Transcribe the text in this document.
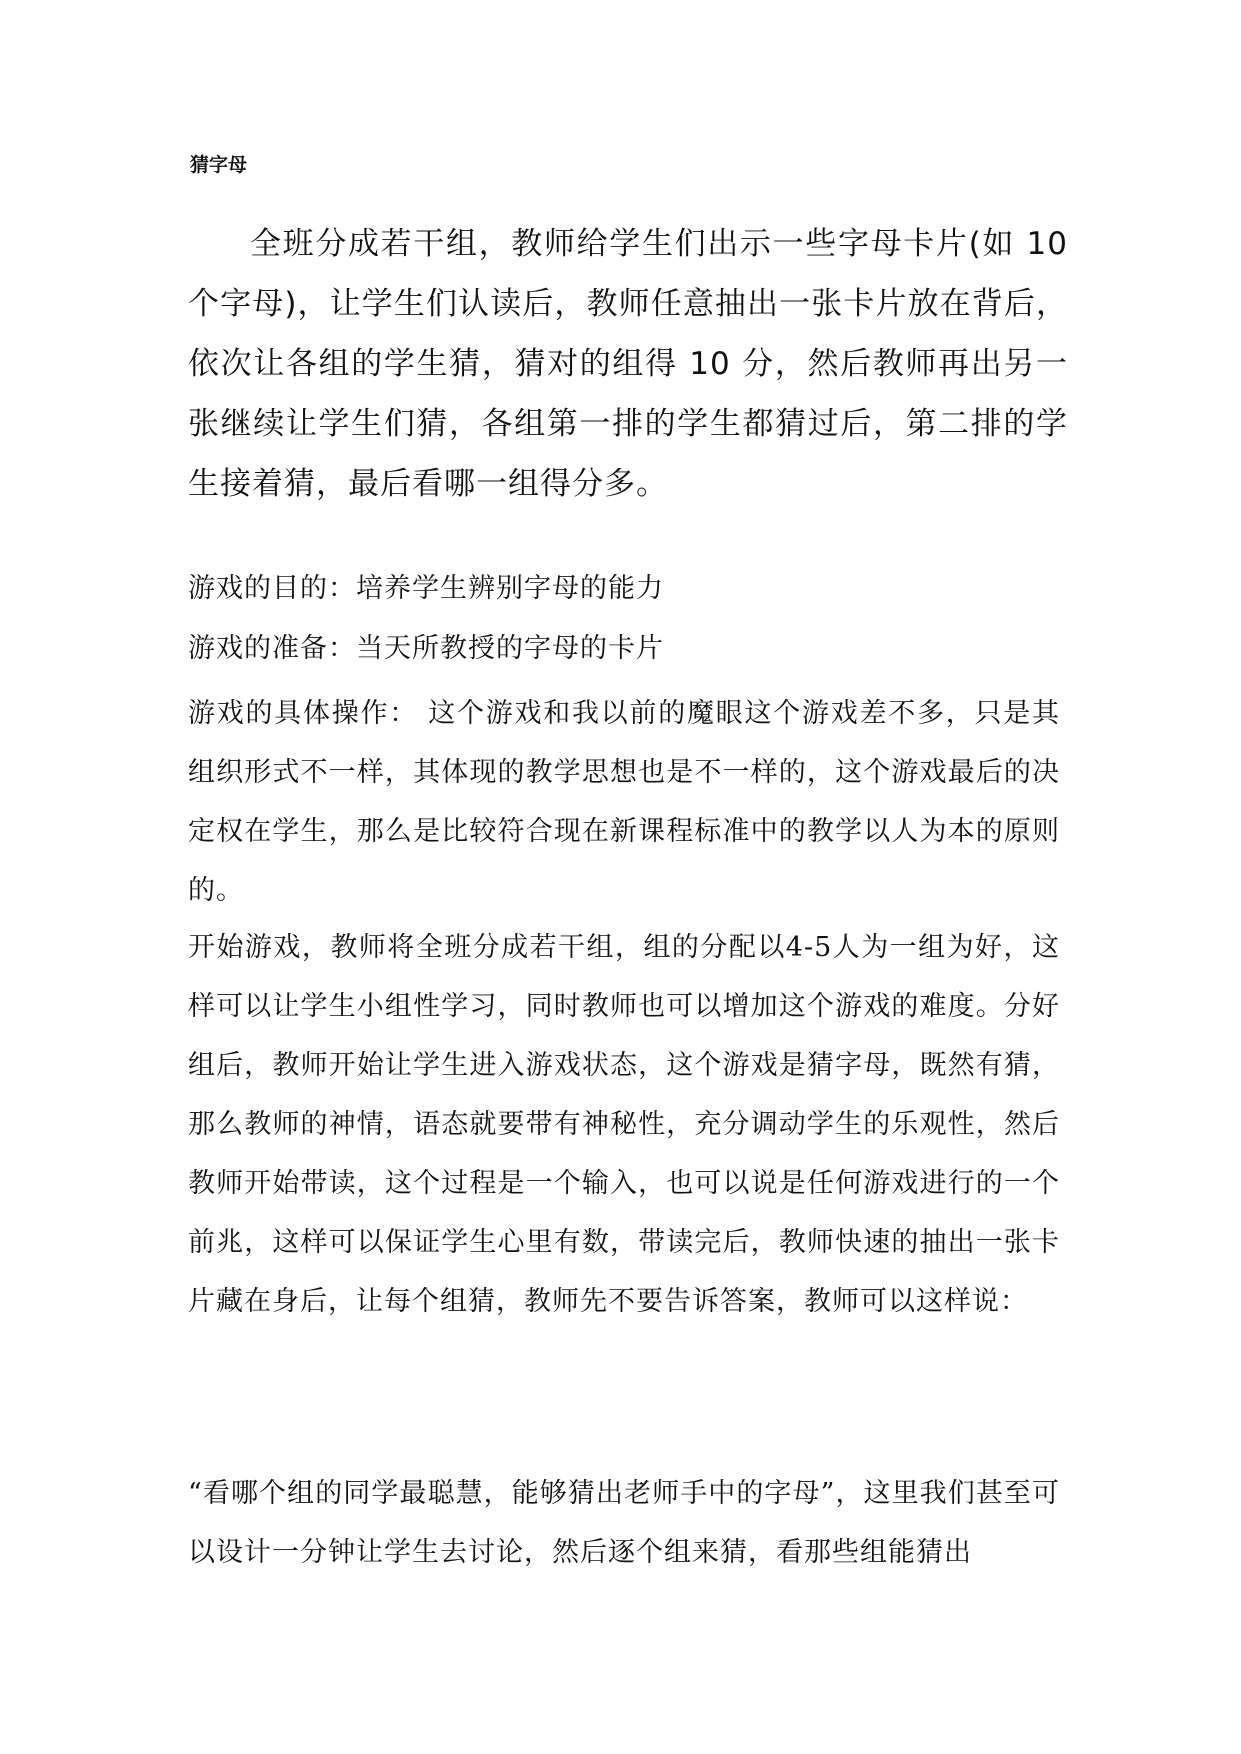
猜字母

全班分成若干组，教师给学生们出示一些字母卡片(如 10 个字母)，让学生们认读后，教师任意抽出一张卡片放在背后，依次让各组的学生猜，猜对的组得 10 分，然后教师再出另一张继续让学生们猜，各组第一排的学生都猜过后，第二排的学生接着猜，最后看哪一组得分多。

游戏的目的：培养学生辨别字母的能力

游戏的准备：当天所教授的字母的卡片

游戏的具体操作： 这个游戏和我以前的魔眼这个游戏差不多，只是其组织形式不一样，其体现的教学思想也是不一样的，这个游戏最后的决定权在学生，那么是比较符合现在新课程标准中的教学以人为本的原则的。

开始游戏，教师将全班分成若干组，组的分配以4-5人为一组为好，这样可以让学生小组性学习，同时教师也可以增加这个游戏的难度。分好组后，教师开始让学生进入游戏状态，这个游戏是猜字母，既然有猜，那么教师的神情，语态就要带有神秘性，充分调动学生的乐观性，然后教师开始带读，这个过程是一个输入，也可以说是任何游戏进行的一个前兆，这样可以保证学生心里有数，带读完后，教师快速的抽出一张卡片藏在身后，让每个组猜，教师先不要告诉答案，教师可以这样说：

“看哪个组的同学最聪慧，能够猜出老师手中的字母”，这里我们甚至可以设计一分钟让学生去讨论，然后逐个组来猜，看那些组能猜出
